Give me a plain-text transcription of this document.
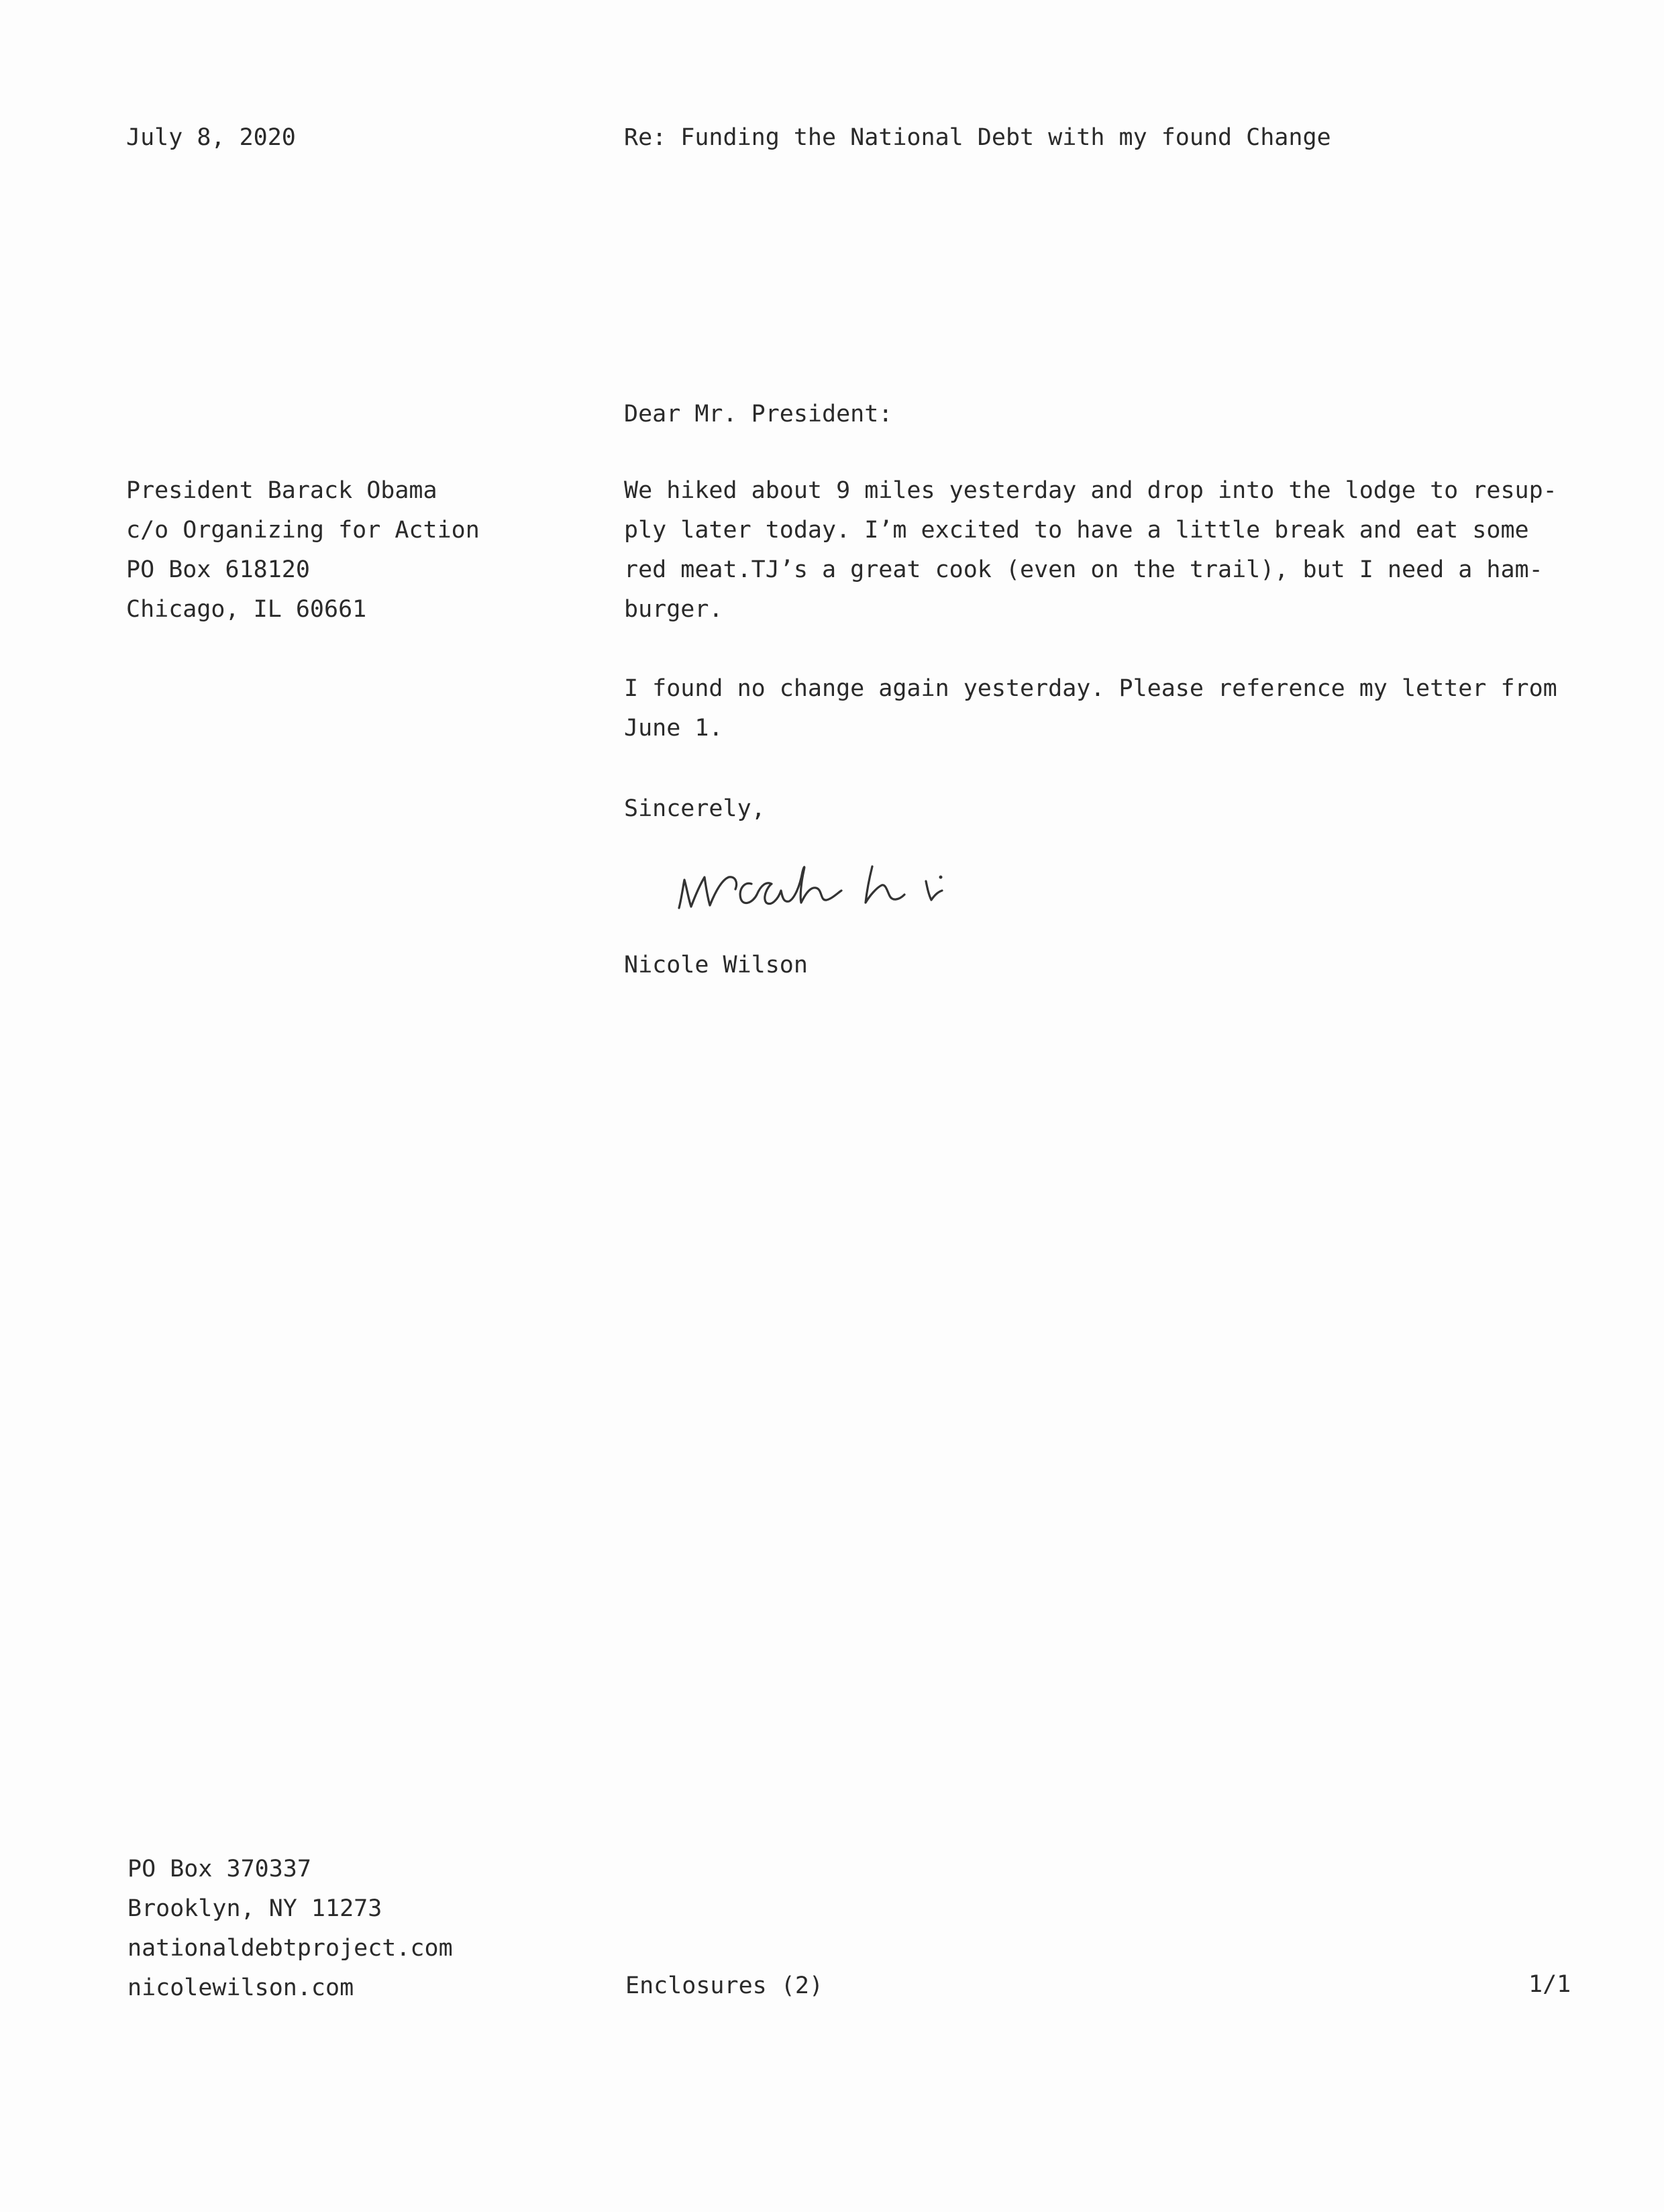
July 8, 2020	Re: Funding the National Debt with my found Change
Dear Mr. President:
President Barack Obama
c/o Organizing for Action
PO Box 618120
Chicago, IL 60661
We hiked about 9 miles yesterday and drop into the lodge to resup-
ply later today. I’m excited to have a little break and eat some
red meat.TJ’s a great cook (even on the trail), but I need a ham-
burger.
I found no change again yesterday. Please reference my letter from
June 1.
Sincerely,
Nicole Wilson
PO Box 370337
Brooklyn, NY 11273
nationaldebtproject.com
nicolewilson.com	Enclosures (2)	1/1
